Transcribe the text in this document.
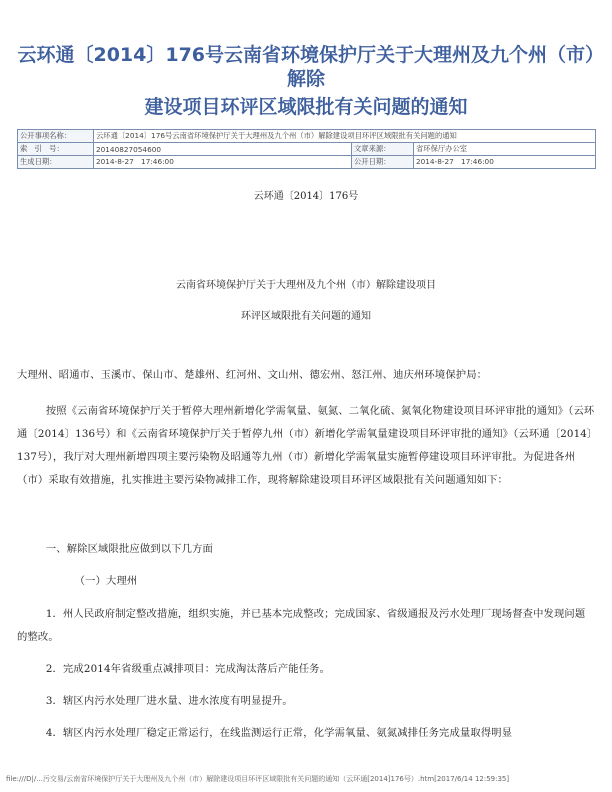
云环通〔2014〕176号云南省环境保护厅关于大理州及九个州（市）解除
建设项目环评区域限批有关问题的通知
公开事项名称：	云环通〔2014〕176号云南省环境保护厅关于大理州及九个州（市）解除建设项目环评区域限批有关问题的通知		
索　引　号：	20140827054600	文章来源：	省环保厅办公室
生成日期：	2014-8-27　17:46:00	公开日期：	2014-8-27　17:46:00
云环通〔2014〕176号
云南省环境保护厅关于大理州及九个州（市）解除建设项目
环评区域限批有关问题的通知

大理州、昭通市、玉溪市、保山市、楚雄州、红河州、文山州、德宏州、怒江州、迪庆州环境保护局：

按照《云南省环境保护厅关于暂停大理州新增化学需氧量、氨氮、二氧化硫、氮氧化物建设项目环评审批的通知》（云环通〔2014〕136号）和《云南省环境保护厅关于暂停九州（市）新增化学需氧量建设项目环评审批的通知》（云环通〔2014〕137号），我厅对大理州新增四项主要污染物及昭通等九州（市）新增化学需氧量实施暂停建设项目环评审批。为促进各州（市）采取有效措施，扎实推进主要污染物减排工作，现将解除建设项目环评区域限批有关问题通知如下：

一、解除区域限批应做到以下几方面

（一）大理州

1．州人民政府制定整改措施，组织实施，并已基本完成整改；完成国家、省级通报及污水处理厂现场督查中发现问题的整改。

2．完成2014年省级重点减排项目：完成淘汰落后产能任务。

3．辖区内污水处理厂进水量、进水浓度有明显提升。

4．辖区内污水处理厂稳定正常运行，在线监测运行正常，化学需氧量、氨氮减排任务完成量取得明显

file:///D|/...污交易/云南省环境保护厅关于大理州及九个州（市）解除建设项目环评区域限批有关问题的通知（云环通[2014]176号）.htm[2017/6/14 12:59:35]
